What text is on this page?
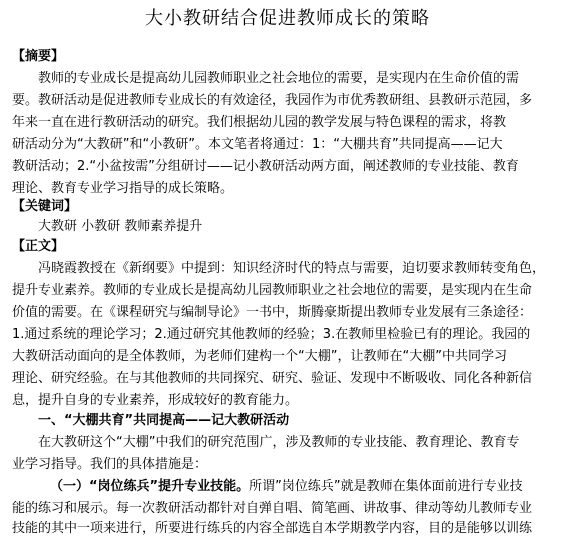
大小教研结合促进教师成长的策略
【摘要】
教师的专业成长是提高幼儿园教师职业之社会地位的需要，是实现内在生命价值的需
要。教研活动是促进教师专业成长的有效途径，我园作为市优秀教研组、县教研示范园，多
年来一直在进行教研活动的研究。我们根据幼儿园的教学发展与特色课程的需求，将教
研活动分为“大教研”和“小教研”。本文笔者将通过：1：“大棚共育”共同提高——记大
教研活动；2.“小盆按需”分组研讨——记小教研活动两方面，阐述教师的专业技能、教育
理论、教育专业学习指导的成长策略。
【关键词】
大教研 小教研 教师素养提升
【正文】
冯晓霞教授在《新纲要》中提到：知识经济时代的特点与需要，迫切要求教师转变角色，
提升专业素养。教师的专业成长是提高幼儿园教师职业之社会地位的需要，是实现内在生命
价值的需要。在《课程研究与编制导论》一书中，斯腾豪斯提出教师专业发展有三条途径：
1.通过系统的理论学习；2.通过研究其他教师的经验；3.在教师里检验已有的理论。我园的
大教研活动面向的是全体教师，为老师们建构一个“大棚”，让教师在“大棚”中共同学习
理论、研究经验。在与其他教师的共同探究、研究、验证、发现中不断吸收、同化各种新信
息，提升自身的专业素养，形成较好的教育能力。
一、“大棚共育”共同提高——记大教研活动
在大教研这个“大棚”中我们的研究范围广，涉及教师的专业技能、教育理论、教育专
业学习指导。我们的具体措施是：
（一）“岗位练兵”提升专业技能。所谓”岗位练兵”就是教师在集体面前进行专业技
能的练习和展示。每一次教研活动都针对自弹自唱、简笔画、讲故事、律动等幼儿教师专业
技能的其中一项来进行，所要进行练兵的内容全部选自本学期教学内容，目的是能够以训练
